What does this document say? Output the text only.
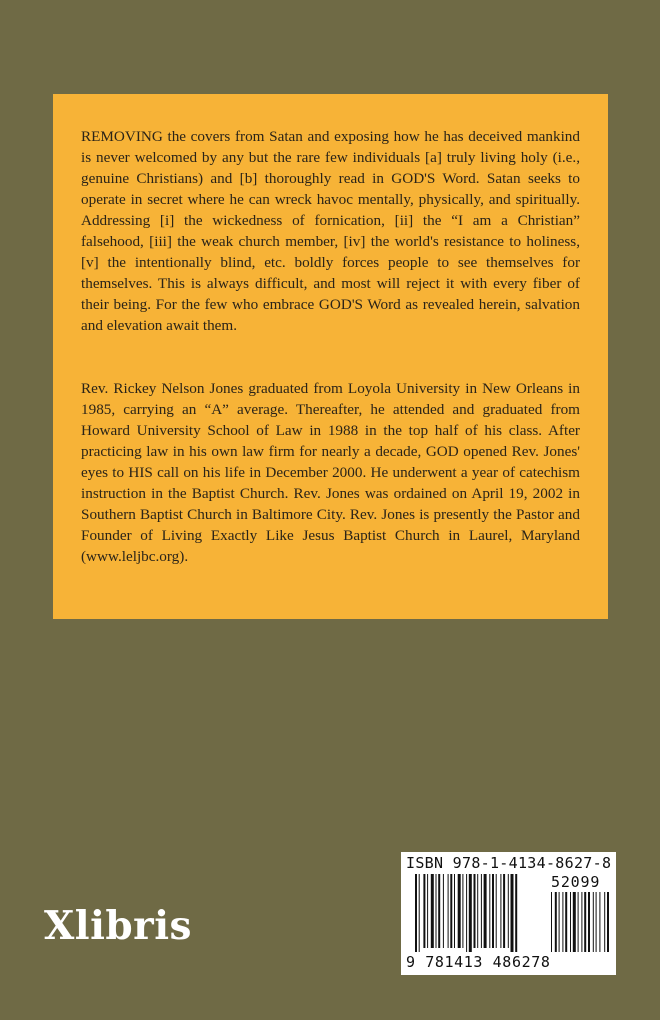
REMOVING the covers from Satan and exposing how he has deceived mankind is never welcomed by any but the rare few individuals [a] truly living holy (i.e., genuine Christians) and [b] thoroughly read in GOD'S Word. Satan seeks to operate in secret where he can wreck havoc mentally, physically, and spiritually. Addressing [i] the wickedness of fornication, [ii] the “I am a Christian” falsehood, [iii] the weak church member, [iv] the world's resistance to holiness, [v] the intentionally blind, etc. boldly forces people to see themselves for themselves. This is always difficult, and most will reject it with every fiber of their being. For the few who embrace GOD'S Word as revealed herein, salvation and elevation await them.

Rev. Rickey Nelson Jones graduated from Loyola University in New Orleans in 1985, carrying an “A” average. Thereafter, he attended and graduated from Howard University School of Law in 1988 in the top half of his class. After practicing law in his own law firm for nearly a decade, GOD opened Rev. Jones' eyes to HIS call on his life in December 2000. He underwent a year of catechism instruction in the Baptist Church. Rev. Jones was ordained on April 19, 2002 in Southern Baptist Church in Baltimore City. Rev. Jones is presently the Pastor and Founder of Living Exactly Like Jesus Baptist Church in Laurel, Maryland (www.leljbc.org).

Xlibris
ISBN 978-1-4134-8627-8
52099
9 781413 486278
